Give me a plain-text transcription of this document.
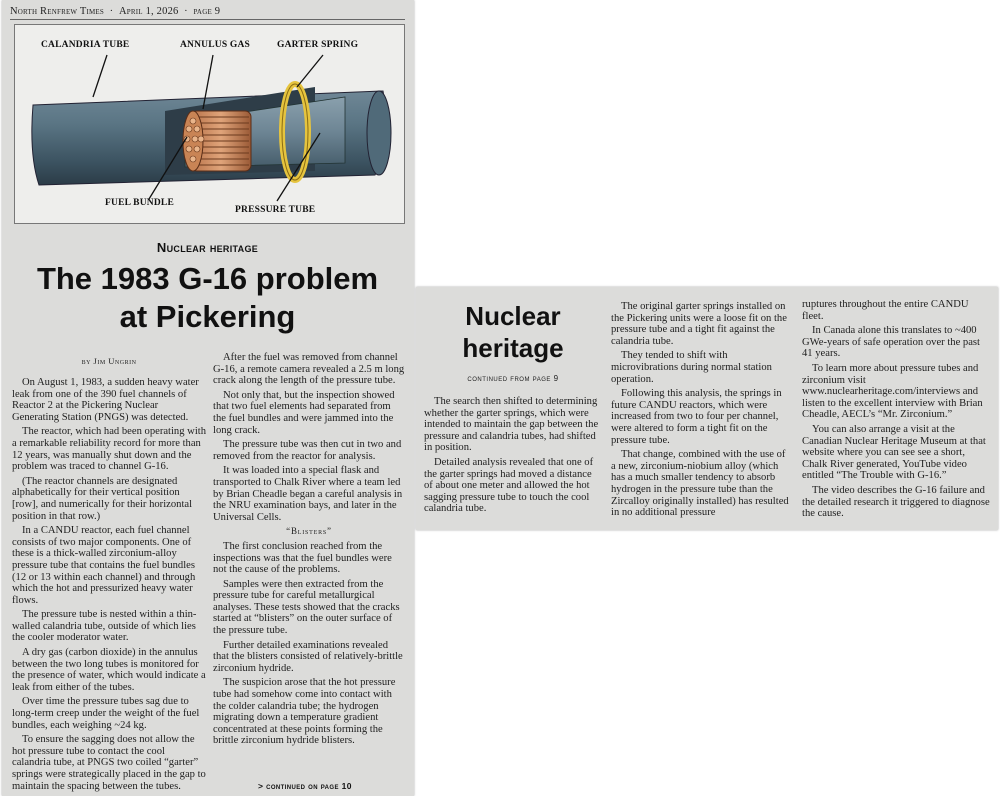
North Renfrew Times  ·  April 1, 2026  ·  page 9
CALANDRIA TUBE	ANNULUS GAS	GARTER SPRING
FUEL BUNDLE
PRESSURE TUBE
Nuclear heritage
The 1983 G-16 problem
at Pickering
by Jim Ungrin

On August 1, 1983, a sudden heavy water leak from one of the 390 fuel channels of Reactor 2 at the Pickering Nuclear Generating Station (PNGS) was detected.

The reactor, which had been operating with a remarkable reliability record for more than 12 years, was manually shut down and the problem was traced to channel G-16.

(The reactor channels are designated alphabetically for their vertical position [row], and numerically for their horizontal position in that row.)

In a CANDU reactor, each fuel channel consists of two major components. One of these is a thick-walled zirconium-alloy pressure tube that contains the fuel bundles (12 or 13 within each channel) and through which the hot and pressurized heavy water flows.

The pressure tube is nested within a thin-walled calandria tube, outside of which lies the cooler moderator water.

A dry gas (carbon dioxide) in the annulus between the two long tubes is monitored for the presence of water, which would indicate a leak from either of the tubes.

Over time the pressure tubes sag due to long-term creep under the weight of the fuel bundles, each weighing ~24 kg.

To ensure the sagging does not allow the hot pressure tube to contact the cool calandria tube, at PNGS two coiled “garter” springs were strategically placed in the gap to maintain the spacing between the tubes.

After the fuel was removed from channel G-16, a remote camera revealed a 2.5 m long crack along the length of the pressure tube.

Not only that, but the inspection showed that two fuel elements had separated from the fuel bundles and were jammed into the long crack.

The pressure tube was then cut in two and removed from the reactor for analysis.

It was loaded into a special flask and transported to Chalk River where a team led by Brian Cheadle began a careful analysis in the NRU examination bays, and later in the Universal Cells.

“Blisters”

The first conclusion reached from the inspections was that the fuel bundles were not the cause of the problems.

Samples were then extracted from the pressure tube for careful metallurgical analyses. These tests showed that the cracks started at “blisters” on the outer surface of the pressure tube.

Further detailed examinations revealed that the blisters consisted of relatively-brittle zirconium hydride.

The suspicion arose that the hot pressure tube had somehow come into contact with the colder calandria tube; the hydrogen migrating down a temperature gradient concentrated at these points forming the brittle zirconium hydride blisters.

> continued on page 10
Nuclear
heritage
continued from page 9

The search then shifted to determining whether the garter springs, which were intended to maintain the gap between the pressure and calandria tubes, had shifted in position.

Detailed analysis revealed that one of the garter springs had moved a distance of about one meter and allowed the hot sagging pressure tube to touch the cool calandria tube.

The original garter springs installed on the Pickering units were a loose fit on the pressure tube and a tight fit against the calandria tube.

They tended to shift with microvibrations during normal station operation.

Following this analysis, the springs in future CANDU reactors, which were increased from two to four per channel, were altered to form a tight fit on the pressure tube.

That change, combined with the use of a new, zirconium-niobium alloy (which has a much smaller tendency to absorb hydrogen in the pressure tube than the Zircalloy originally installed) has resulted in no additional pressure

ruptures throughout the entire CANDU fleet.

In Canada alone this translates to ~400 GWe-years of safe operation over the past 41 years.

To learn more about pressure tubes and zirconium visit www.nuclearheritage.com/interviews and listen to the excellent interview with Brian Cheadle, AECL’s “Mr. Zirconium.”

You can also arrange a visit at the Canadian Nuclear Heritage Museum at that website where you can see see a short, Chalk River generated, YouTube video entitled “The Trouble with G-16.”

The video describes the G-16 failure and the detailed research it triggered to diagnose the cause.
